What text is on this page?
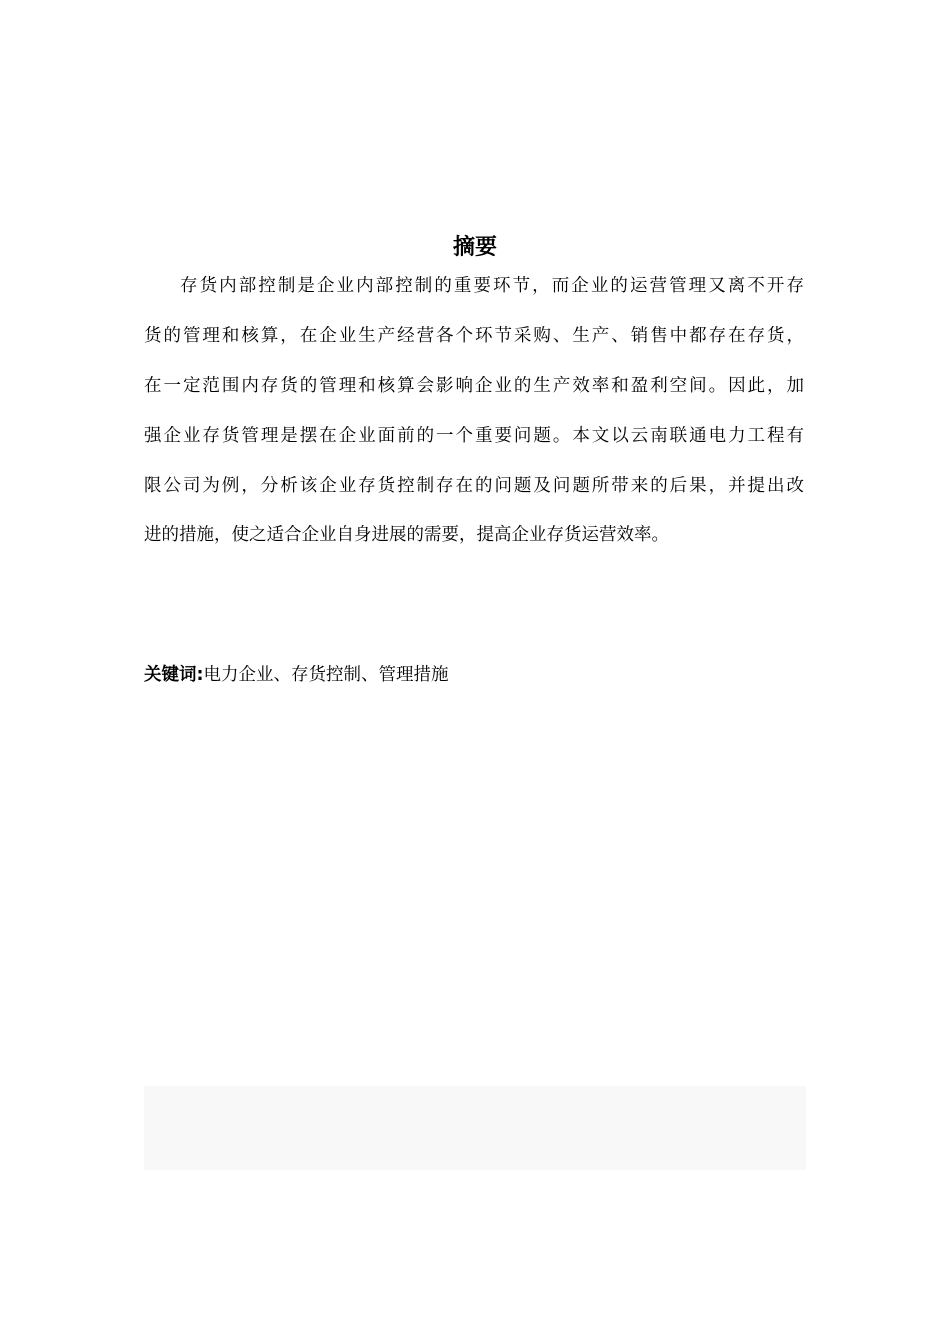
摘要
存货内部控制是企业内部控制的重要环节，而企业的运营管理又离不开存
货的管理和核算，在企业生产经营各个环节采购、生产、销售中都存在存货，
在一定范围内存货的管理和核算会影响企业的生产效率和盈利空间。因此，加
强企业存货管理是摆在企业面前的一个重要问题。本文以云南联通电力工程有
限公司为例，分析该企业存货控制存在的问题及问题所带来的后果，并提出改
进的措施，使之适合企业自身进展的需要，提高企业存货运营效率。
关键词:电力企业、存货控制、管理措施
